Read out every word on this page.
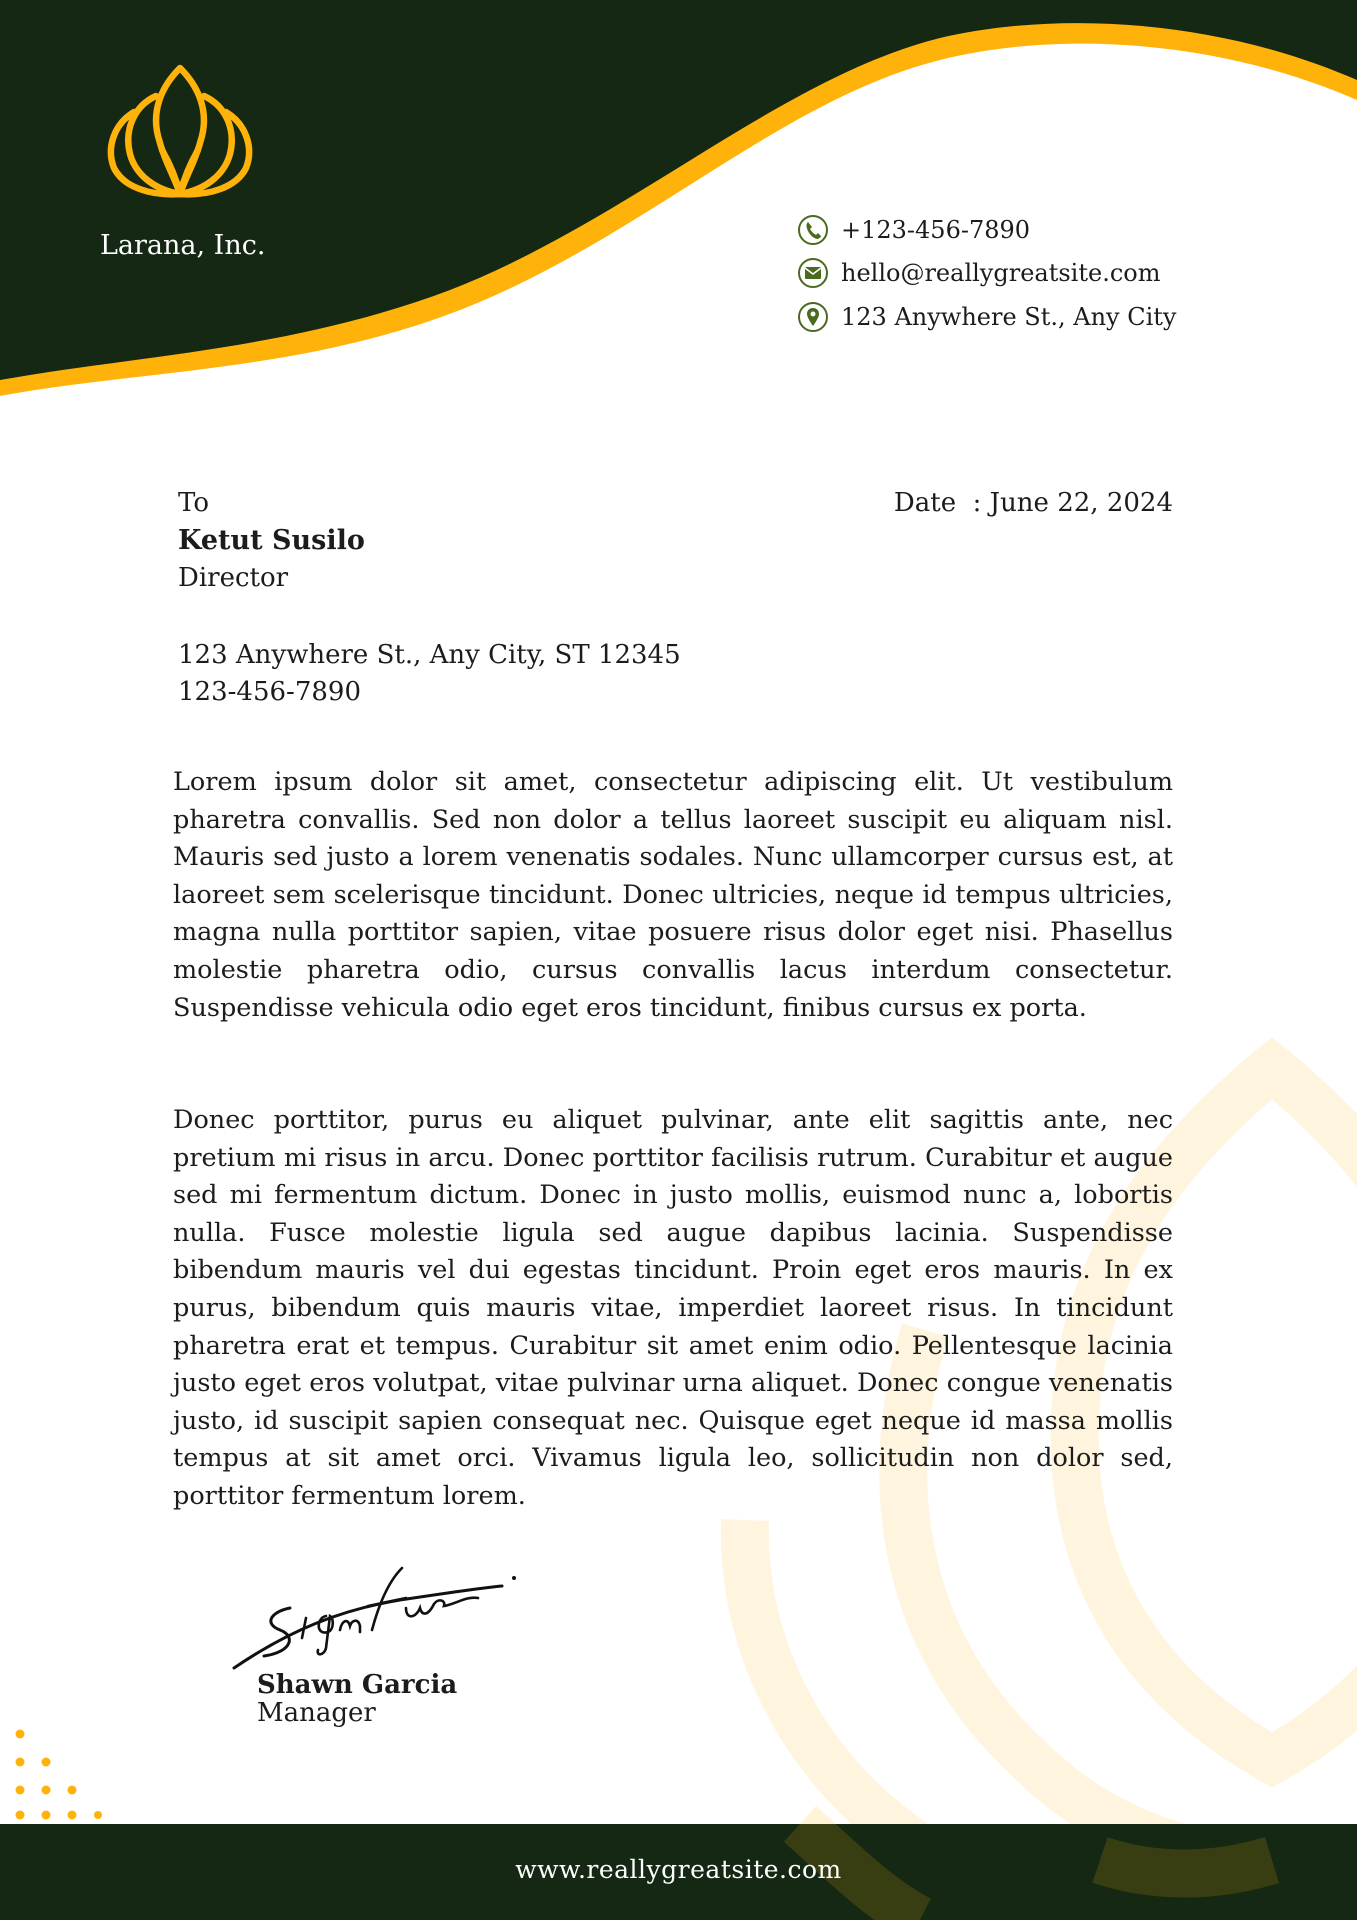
Larana, Inc.	+123-456-7890
hello@reallygreatsite.com
123 Anywhere St., Any City
To
Ketut Susilo
Director
123 Anywhere St., Any City, ST 12345
123-456-7890
Date  : June 22, 2024

Lorem ipsum dolor sit amet, consectetur adipiscing elit. Ut vestibulum pharetra convallis. Sed non dolor a tellus laoreet suscipit eu aliquam nisl. Mauris sed justo a lorem venenatis sodales. Nunc ullamcorper cursus est, at laoreet sem scelerisque tincidunt. Donec ultricies, neque id tempus ultricies, magna nulla porttitor sapien, vitae posuere risus dolor eget nisi. Phasellus molestie pharetra odio, cursus convallis lacus interdum consectetur. Suspendisse vehicula odio eget eros tincidunt, finibus cursus ex porta.

Donec porttitor, purus eu aliquet pulvinar, ante elit sagittis ante, nec pretium mi risus in arcu. Donec porttitor facilisis rutrum. Curabitur et augue sed mi fermentum dictum. Donec in justo mollis, euismod nunc a, lobortis nulla. Fusce molestie ligula sed augue dapibus lacinia. Suspendisse bibendum mauris vel dui egestas tincidunt. Proin eget eros mauris. In ex purus, bibendum quis mauris vitae, imperdiet laoreet risus. In tincidunt pharetra erat et tempus. Curabitur sit amet enim odio. Pellentesque lacinia justo eget eros volutpat, vitae pulvinar urna aliquet. Donec congue venenatis justo, id suscipit sapien consequat nec. Quisque eget neque id massa mollis tempus at sit amet orci. Vivamus ligula leo, sollicitudin non dolor sed, porttitor fermentum lorem.

Shawn Garcia
Manager
www.reallygreatsite.com
